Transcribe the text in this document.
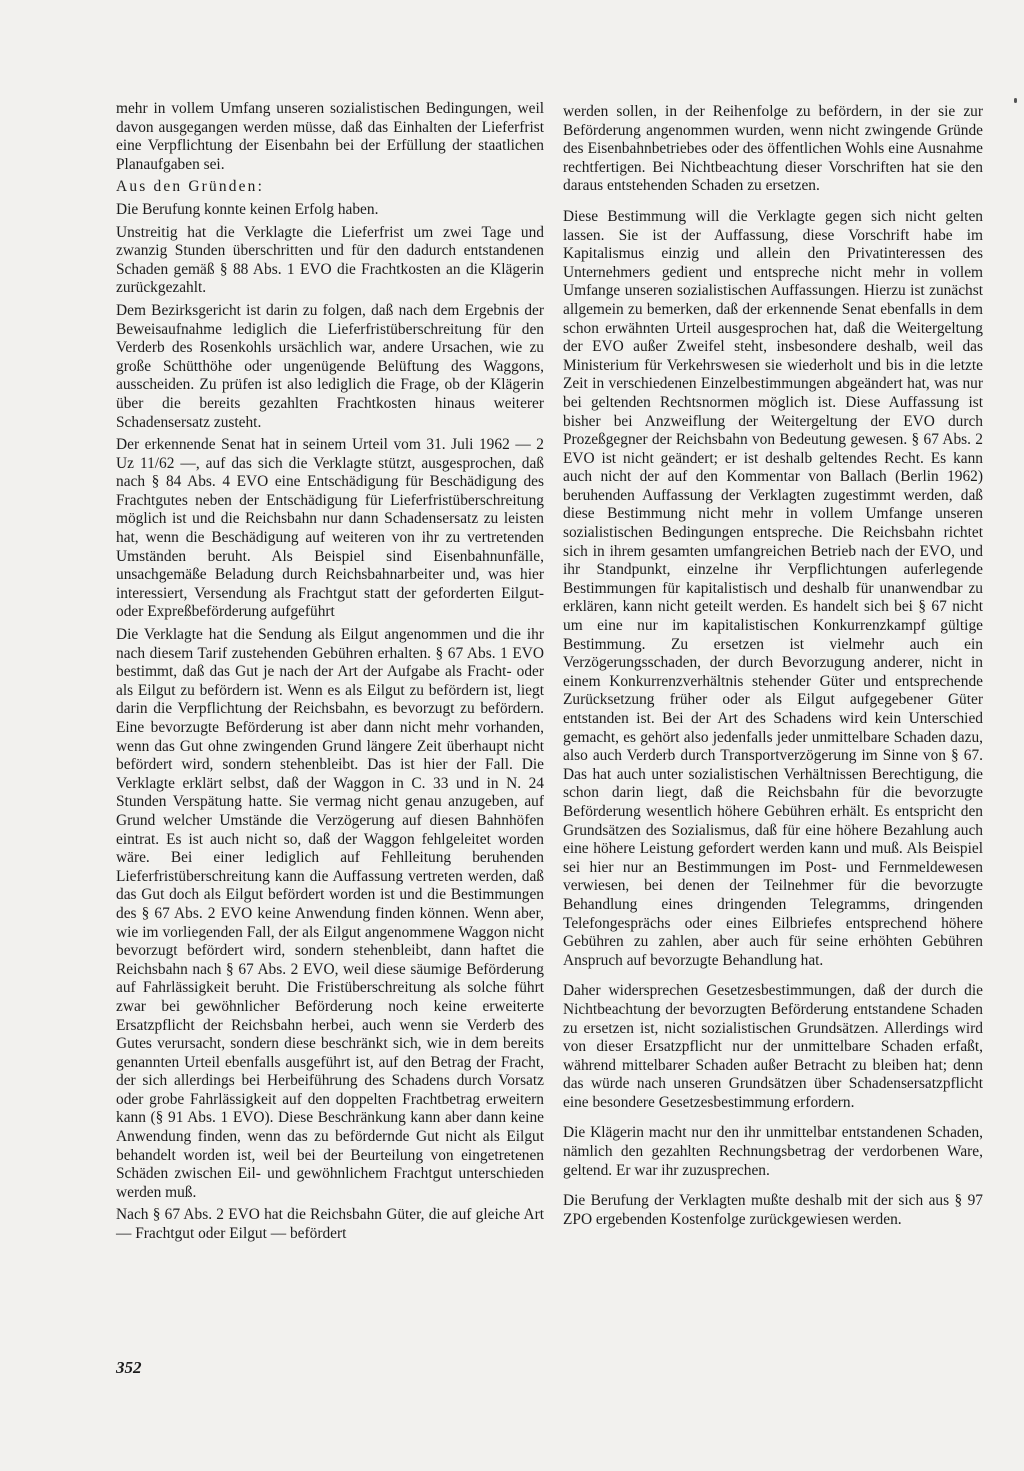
mehr in vollem Umfang unseren sozialistischen Bedingungen, weil davon ausgegangen werden müsse, daß das Einhalten der Lieferfrist eine Verpflichtung der Eisenbahn bei der Erfüllung der staatlichen Planaufgaben sei.

Aus den Gründen:

Die Berufung konnte keinen Erfolg haben.

Unstreitig hat die Verklagte die Lieferfrist um zwei Tage und zwanzig Stunden überschritten und für den dadurch entstandenen Schaden gemäß § 88 Abs. 1 EVO die Frachtkosten an die Klägerin zurückgezahlt.

Dem Bezirksgericht ist darin zu folgen, daß nach dem Ergebnis der Beweisaufnahme lediglich die Lieferfristüberschreitung für den Verderb des Rosenkohls ursächlich war, andere Ursachen, wie zu große Schütthöhe oder ungenügende Belüftung des Waggons, ausscheiden. Zu prüfen ist also lediglich die Frage, ob der Klägerin über die bereits gezahlten Frachtkosten hinaus weiterer Schadensersatz zusteht.

Der erkennende Senat hat in seinem Urteil vom 31. Juli 1962 — 2 Uz 11/62 —, auf das sich die Verklagte stützt, ausgesprochen, daß nach § 84 Abs. 4 EVO eine Entschädigung für Beschädigung des Frachtgutes neben der Entschädigung für Lieferfristüberschreitung möglich ist und die Reichsbahn nur dann Schadensersatz zu leisten hat, wenn die Beschädigung auf weiteren von ihr zu vertretenden Umständen beruht. Als Beispiel sind Eisenbahnunfälle, unsachgemäße Beladung durch Reichsbahnarbeiter und, was hier interessiert, Versendung als Frachtgut statt der geforderten Eilgut- oder Expreßbeförderung aufgeführt

Die Verklagte hat die Sendung als Eilgut angenommen und die ihr nach diesem Tarif zustehenden Gebühren erhalten. § 67 Abs. 1 EVO bestimmt, daß das Gut je nach der Art der Aufgabe als Fracht- oder als Eilgut zu befördern ist. Wenn es als Eilgut zu befördern ist, liegt darin die Verpflichtung der Reichsbahn, es bevorzugt zu befördern. Eine bevorzugte Beförderung ist aber dann nicht mehr vorhanden, wenn das Gut ohne zwingenden Grund längere Zeit überhaupt nicht befördert wird, sondern stehenbleibt. Das ist hier der Fall. Die Verklagte erklärt selbst, daß der Waggon in C. 33 und in N. 24 Stunden Verspätung hatte. Sie vermag nicht genau anzugeben, auf Grund welcher Umstände die Verzögerung auf diesen Bahnhöfen eintrat. Es ist auch nicht so, daß der Waggon fehlgeleitet worden wäre. Bei einer lediglich auf Fehlleitung beruhenden Lieferfristüberschreitung kann die Auffassung vertreten werden, daß das Gut doch als Eilgut befördert worden ist und die Bestimmungen des § 67 Abs. 2 EVO keine Anwendung finden können. Wenn aber, wie im vorliegenden Fall, der als Eilgut angenommene Waggon nicht bevorzugt befördert wird, sondern stehenbleibt, dann haftet die Reichsbahn nach § 67 Abs. 2 EVO, weil diese säumige Beförderung auf Fahrlässigkeit beruht. Die Fristüberschreitung als solche führt zwar bei gewöhnlicher Beförderung noch keine erweiterte Ersatzpflicht der Reichsbahn herbei, auch wenn sie Verderb des Gutes verursacht, sondern diese beschränkt sich, wie in dem bereits genannten Urteil ebenfalls ausgeführt ist, auf den Betrag der Fracht, der sich allerdings bei Herbeiführung des Schadens durch Vorsatz oder grobe Fahrlässigkeit auf den doppelten Frachtbetrag erweitern kann (§ 91 Abs. 1 EVO). Diese Beschränkung kann aber dann keine Anwendung finden, wenn das zu befördernde Gut nicht als Eilgut behandelt worden ist, weil bei der Beurteilung von eingetretenen Schäden zwischen Eil- und gewöhnlichem Frachtgut unterschieden werden muß.

Nach § 67 Abs. 2 EVO hat die Reichsbahn Güter, die auf gleiche Art — Frachtgut oder Eilgut — befördert

werden sollen, in der Reihenfolge zu befördern, in der sie zur Beförderung angenommen wurden, wenn nicht zwingende Gründe des Eisenbahnbetriebes oder des öffentlichen Wohls eine Ausnahme rechtfertigen. Bei Nichtbeachtung dieser Vorschriften hat sie den daraus entstehenden Schaden zu ersetzen.

Diese Bestimmung will die Verklagte gegen sich nicht gelten lassen. Sie ist der Auffassung, diese Vorschrift habe im Kapitalismus einzig und allein den Privatinteressen des Unternehmers gedient und entspreche nicht mehr in vollem Umfange unseren sozialistischen Auffassungen. Hierzu ist zunächst allgemein zu bemerken, daß der erkennende Senat ebenfalls in dem schon erwähnten Urteil ausgesprochen hat, daß die Weitergeltung der EVO außer Zweifel steht, insbesondere deshalb, weil das Ministerium für Verkehrswesen sie wiederholt und bis in die letzte Zeit in verschiedenen Einzelbestimmungen abgeändert hat, was nur bei geltenden Rechtsnormen möglich ist. Diese Auffassung ist bisher bei Anzweiflung der Weitergeltung der EVO durch Prozeßgegner der Reichsbahn von Bedeutung gewesen. § 67 Abs. 2 EVO ist nicht geändert; er ist deshalb geltendes Recht. Es kann auch nicht der auf den Kommentar von Ballach (Berlin 1962) beruhenden Auffassung der Verklagten zugestimmt werden, daß diese Bestimmung nicht mehr in vollem Umfange unseren sozialistischen Bedingungen entspreche. Die Reichsbahn richtet sich in ihrem gesamten umfangreichen Betrieb nach der EVO, und ihr Standpunkt, einzelne ihr Verpflichtungen auferlegende Bestimmungen für kapitalistisch und deshalb für unanwendbar zu erklären, kann nicht geteilt werden. Es handelt sich bei § 67 nicht um eine nur im kapitalistischen Konkurrenzkampf gültige Bestimmung. Zu ersetzen ist vielmehr auch ein Verzögerungsschaden, der durch Bevorzugung anderer, nicht in einem Konkurrenzverhältnis stehender Güter und entsprechende Zurücksetzung früher oder als Eilgut aufgegebener Güter entstanden ist. Bei der Art des Schadens wird kein Unterschied gemacht, es gehört also jedenfalls jeder unmittelbare Schaden dazu, also auch Verderb durch Transportverzögerung im Sinne von § 67. Das hat auch unter sozialistischen Verhältnissen Berechtigung, die schon darin liegt, daß die Reichsbahn für die bevorzugte Beförderung wesentlich höhere Gebühren erhält. Es entspricht den Grundsätzen des Sozialismus, daß für eine höhere Bezahlung auch eine höhere Leistung gefordert werden kann und muß. Als Beispiel sei hier nur an Bestimmungen im Post- und Fernmeldewesen verwiesen, bei denen der Teilnehmer für die bevorzugte Behandlung eines dringenden Telegramms, dringenden Telefongesprächs oder eines Eilbriefes entsprechend höhere Gebühren zu zahlen, aber auch für seine erhöhten Gebühren Anspruch auf bevorzugte Behandlung hat.

Daher widersprechen Gesetzesbestimmungen, daß der durch die Nichtbeachtung der bevorzugten Beförderung entstandene Schaden zu ersetzen ist, nicht sozialistischen Grundsätzen. Allerdings wird von dieser Ersatzpflicht nur der unmittelbare Schaden erfaßt, während mittelbarer Schaden außer Betracht zu bleiben hat; denn das würde nach unseren Grundsätzen über Schadensersatzpflicht eine besondere Gesetzesbestimmung erfordern.

Die Klägerin macht nur den ihr unmittelbar entstandenen Schaden, nämlich den gezahlten Rechnungsbetrag der verdorbenen Ware, geltend. Er war ihr zuzusprechen.

Die Berufung der Verklagten mußte deshalb mit der sich aus § 97 ZPO ergebenden Kostenfolge zurückgewiesen werden.

352
